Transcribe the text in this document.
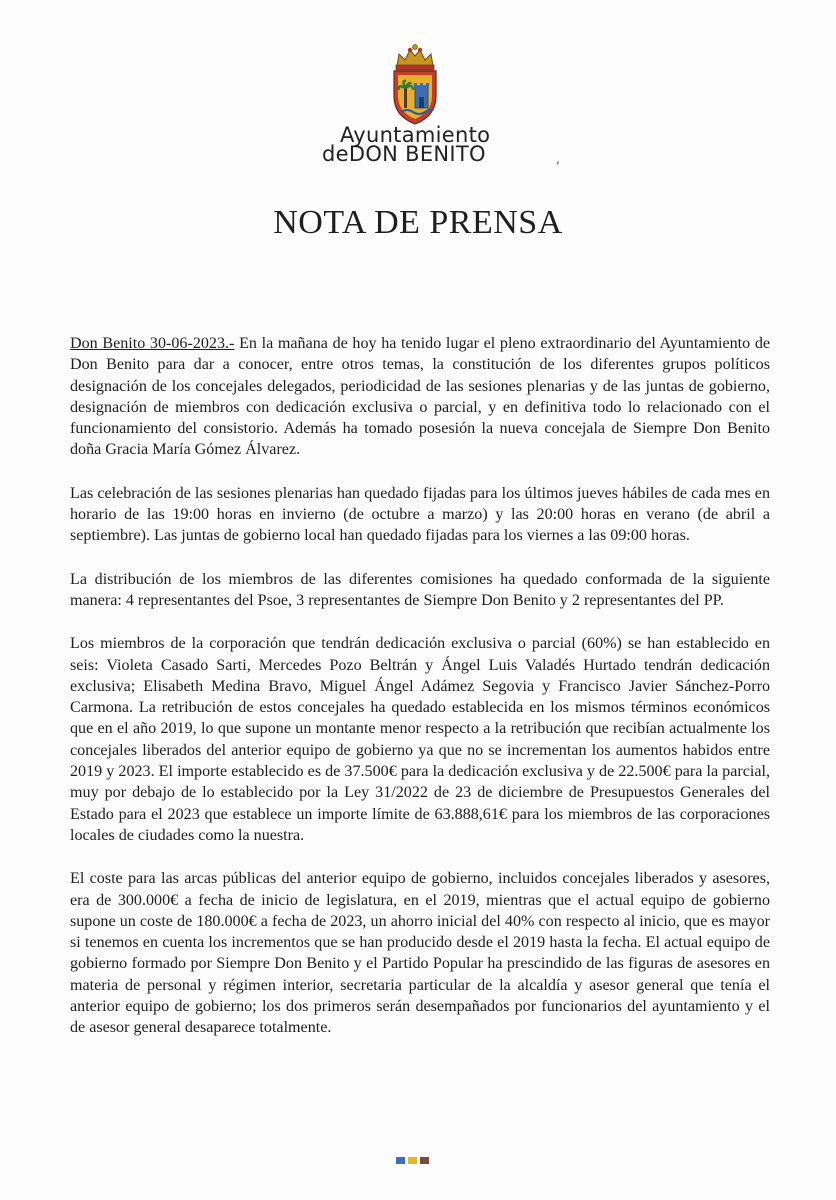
Ayuntamiento
deDON BENITO	,
NOTA DE PRENSA

Don Benito 30-06-2023.- En la mañana de hoy ha tenido lugar el pleno extraordinario del Ayuntamiento de Don Benito para dar a conocer, entre otros temas, la constitución de los diferentes grupos políticos designación de los concejales delegados, periodicidad de las sesiones plenarias y de las juntas de gobierno, designación de miembros con dedicación exclusiva o parcial, y en definitiva todo lo relacionado con el funcionamiento del consistorio. Además ha tomado posesión la nueva concejala de Siempre Don Benito doña Gracia María Gómez Álvarez.

Las celebración de las sesiones plenarias han quedado fijadas para los últimos jueves hábiles de cada mes en horario de las 19:00 horas en invierno (de octubre a marzo) y las 20:00 horas en verano (de abril a septiembre). Las juntas de gobierno local han quedado fijadas para los viernes a las 09:00 horas.

La distribución de los miembros de las diferentes comisiones ha quedado conformada de la siguiente manera: 4 representantes del Psoe, 3 representantes de Siempre Don Benito y 2 representantes del PP.

Los miembros de la corporación que tendrán dedicación exclusiva o parcial (60%) se han establecido en seis: Violeta Casado Sarti, Mercedes Pozo Beltrán y Ángel Luis Valadés Hurtado tendrán dedicación exclusiva; Elisabeth Medina Bravo, Miguel Ángel Adámez Segovia y Francisco Javier Sánchez-Porro Carmona. La retribución de estos concejales ha quedado establecida en los mismos términos económicos que en el año 2019, lo que supone un montante menor respecto a la retribución que recibían actualmente los concejales liberados del anterior equipo de gobierno ya que no se incrementan los aumentos habidos entre 2019 y 2023. El importe establecido es de 37.500€ para la dedicación exclusiva y de 22.500€ para la parcial, muy por debajo de lo establecido por la Ley 31/2022 de 23 de diciembre de Presupuestos Generales del Estado para el 2023 que establece un importe límite de 63.888,61€ para los miembros de las corporaciones locales de ciudades como la nuestra.

El coste para las arcas públicas del anterior equipo de gobierno, incluidos concejales liberados y asesores, era de 300.000€ a fecha de inicio de legislatura, en el 2019, mientras que el actual equipo de gobierno supone un coste de 180.000€ a fecha de 2023, un ahorro inicial del 40% con respecto al inicio, que es mayor si tenemos en cuenta los incrementos que se han producido desde el 2019 hasta la fecha. El actual equipo de gobierno formado por Siempre Don Benito y el Partido Popular ha prescindido de las figuras de asesores en materia de personal y régimen interior, secretaria particular de la alcaldía y asesor general que tenía el anterior equipo de gobierno; los dos primeros serán desempañados por funcionarios del ayuntamiento y el de asesor general desaparece totalmente.
